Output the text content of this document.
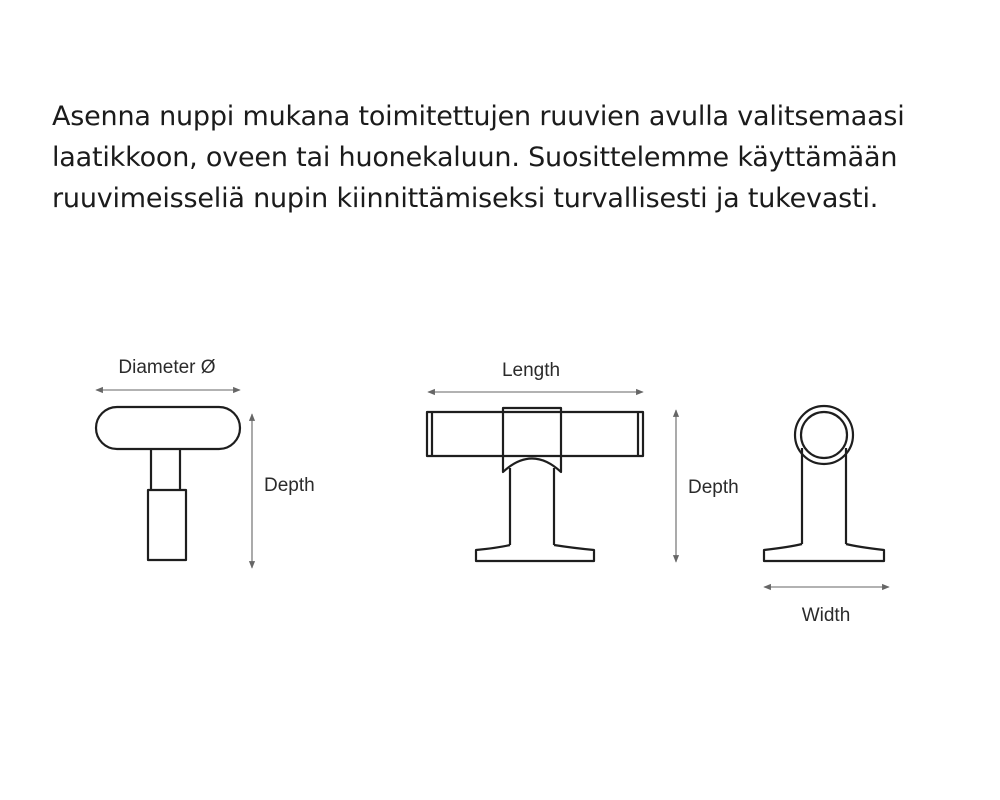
Asenna nuppi mukana toimitettujen ruuvien avulla valitsemaasi
laatikkoon, oveen tai huonekaluun. Suosittelemme käyttämään
ruuvimeisseliä nupin kiinnittämiseksi turvallisesti ja tukevasti.

Diameter Ø
Depth
Length
Depth
Width
